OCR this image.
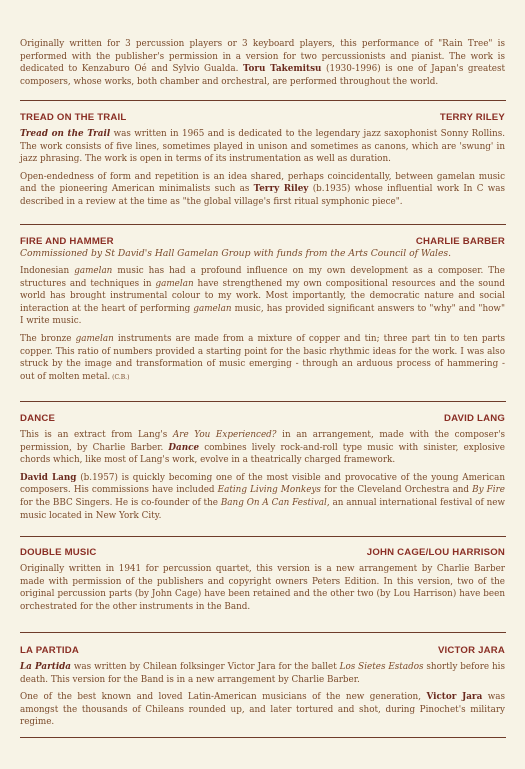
Originally written for 3 percussion players or 3 keyboard players, this performance of "Rain Tree" is performed with the publisher's permission in a version for two percussionists and pianist. The work is dedicated to Kenzaburo Oé and Sylvio Gualda. Toru Takemitsu (1930-1996) is one of Japan's greatest composers, whose works, both chamber and orchestral, are performed throughout the world.

TREAD ON THE TRAIL	TERRY RILEY

Tread on the Trail was written in 1965 and is dedicated to the legendary jazz saxophonist Sonny Rollins. The work consists of five lines, sometimes played in unison and sometimes as canons, which are 'swung' in jazz phrasing. The work is open in terms of its instrumentation as well as duration.

Open-endedness of form and repetition is an idea shared, perhaps coincidentally, between gamelan music and the pioneering American minimalists such as Terry Riley (b.1935) whose influential work In C was described in a review at the time as "the global village's first ritual symphonic piece".

FIRE AND HAMMER	CHARLIE BARBER
Commissioned by St David's Hall Gamelan Group with funds from the Arts Council of Wales.

Indonesian gamelan music has had a profound influence on my own development as a composer. The structures and techniques in gamelan have strengthened my own compositional resources and the sound world has brought instrumental colour to my work. Most importantly, the democratic nature and social interaction at the heart of performing gamelan music, has provided significant answers to "why" and "how" I write music.

The bronze gamelan instruments are made from a mixture of copper and tin; three part tin to ten parts copper. This ratio of numbers provided a starting point for the basic rhythmic ideas for the work. I was also struck by the image and transformation of music emerging - through an arduous process of hammering - out of molten metal. (C.B.)

DANCE	DAVID LANG

This is an extract from Lang's Are You Experienced? in an arrangement, made with the composer's permission, by Charlie Barber. Dance combines lively rock-and-roll type music with sinister, explosive chords which, like most of Lang's work, evolve in a theatrically charged framework.

David Lang (b.1957) is quickly becoming one of the most visible and provocative of the young American composers. His commissions have included Eating Living Monkeys for the Cleveland Orchestra and By Fire for the BBC Singers. He is co-founder of the Bang On A Can Festival, an annual international festival of new music located in New York City.

DOUBLE MUSIC	JOHN CAGE/LOU HARRISON

Originally written in 1941 for percussion quartet, this version is a new arrangement by Charlie Barber made with permission of the publishers and copyright owners Peters Edition. In this version, two of the original percussion parts (by John Cage) have been retained and the other two (by Lou Harrison) have been orchestrated for the other instruments in the Band.

LA PARTIDA	VICTOR JARA

La Partida was written by Chilean folksinger Victor Jara for the ballet Los Sietes Estados shortly before his death. This version for the Band is in a new arrangement by Charlie Barber.

One of the best known and loved Latin-American musicians of the new generation, Victor Jara was amongst the thousands of Chileans rounded up, and later tortured and shot, during Pinochet's military regime.
